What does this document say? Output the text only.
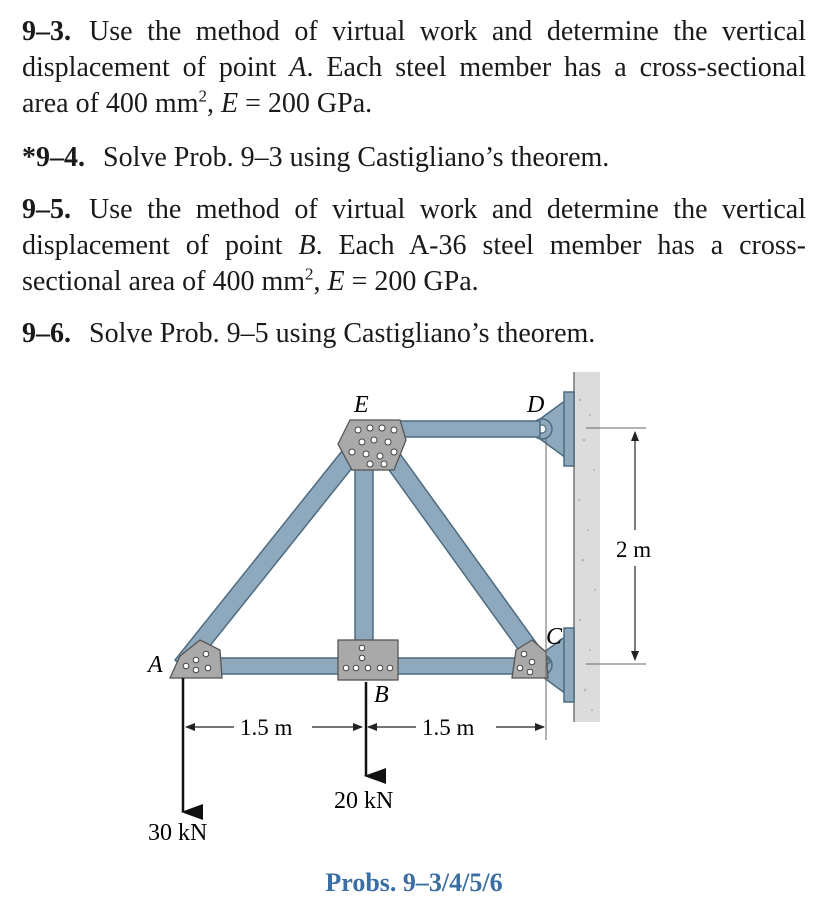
9–3. Use the method of virtual work and determine the vertical displacement of point A. Each steel member has a cross-sectional area of 400 $mm^2$, E = 200 GPa.
*9–4. Solve Prob. 9–3 using Castigliano’s theorem.
9–5. Use the method of virtual work and determine the vertical displacement of point B. Each A-36 steel member has a cross-sectional area of 400 $mm^2$, E = 200 GPa.
9–6. Solve Prob. 9–5 using Castigliano’s theorem.
A
B
C
D
E
1.5 m	1.5 m
2 m
30 kN
20 kN
Probs. 9–3/4/5/6
